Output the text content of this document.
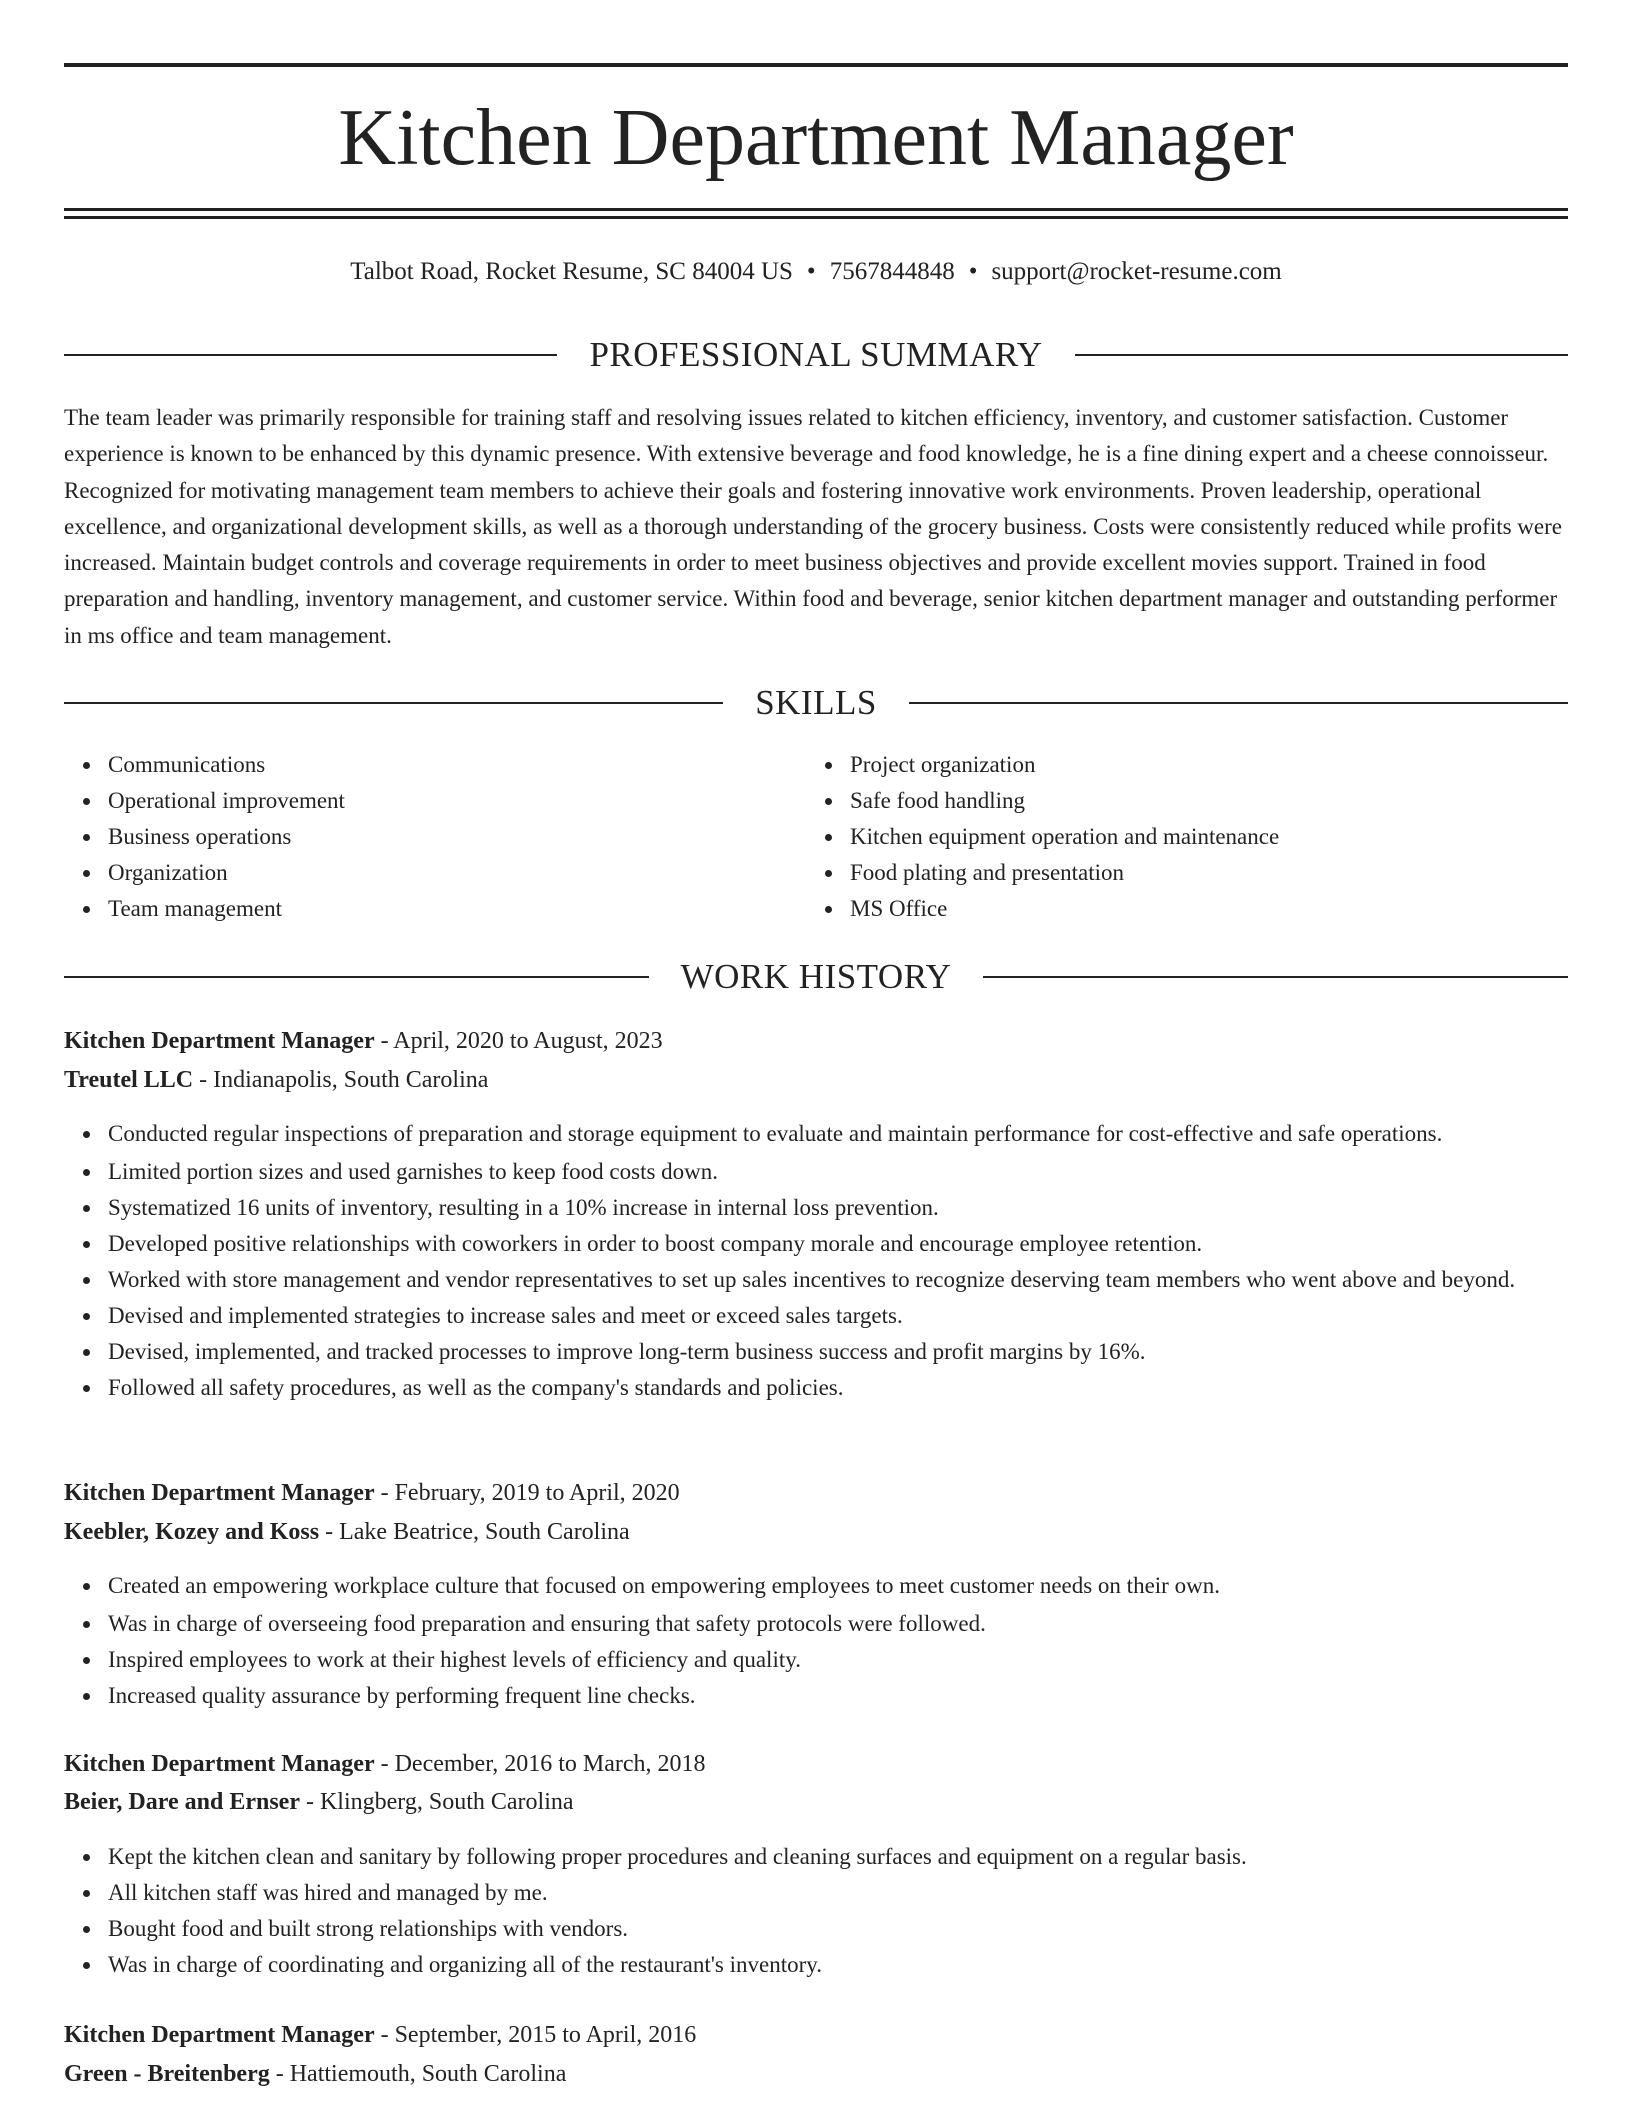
Kitchen Department Manager
Talbot Road, Rocket Resume, SC 84004 US • 7567844848 • support@rocket-resume.com
PROFESSIONAL SUMMARY

The team leader was primarily responsible for training staff and resolving issues related to kitchen efficiency, inventory, and customer satisfaction. Customer experience is known to be enhanced by this dynamic presence. With extensive beverage and food knowledge, he is a fine dining expert and a cheese connoisseur. Recognized for motivating management team members to achieve their goals and fostering innovative work environments. Proven leadership, operational excellence, and organizational development skills, as well as a thorough understanding of the grocery business. Costs were consistently reduced while profits were increased. Maintain budget controls and coverage requirements in order to meet business objectives and provide excellent movies support. Trained in food preparation and handling, inventory management, and customer service. Within food and beverage, senior kitchen department manager and outstanding performer in ms office and team management.

SKILLS
Communications
Operational improvement
Business operations
Organization
Team management
Project organization
Safe food handling
Kitchen equipment operation and maintenance
Food plating and presentation
MS Office
WORK HISTORY
Kitchen Department Manager - April, 2020 to August, 2023
Treutel LLC - Indianapolis, South Carolina
Conducted regular inspections of preparation and storage equipment to evaluate and maintain performance for cost-effective and safe operations.
Limited portion sizes and used garnishes to keep food costs down.
Systematized 16 units of inventory, resulting in a 10% increase in internal loss prevention.
Developed positive relationships with coworkers in order to boost company morale and encourage employee retention.
Worked with store management and vendor representatives to set up sales incentives to recognize deserving team members who went above and beyond.
Devised and implemented strategies to increase sales and meet or exceed sales targets.
Devised, implemented, and tracked processes to improve long-term business success and profit margins by 16%.
Followed all safety procedures, as well as the company's standards and policies.
Kitchen Department Manager - February, 2019 to April, 2020
Keebler, Kozey and Koss - Lake Beatrice, South Carolina
Created an empowering workplace culture that focused on empowering employees to meet customer needs on their own.
Was in charge of overseeing food preparation and ensuring that safety protocols were followed.
Inspired employees to work at their highest levels of efficiency and quality.
Increased quality assurance by performing frequent line checks.
Kitchen Department Manager - December, 2016 to March, 2018
Beier, Dare and Ernser - Klingberg, South Carolina
Kept the kitchen clean and sanitary by following proper procedures and cleaning surfaces and equipment on a regular basis.
All kitchen staff was hired and managed by me.
Bought food and built strong relationships with vendors.
Was in charge of coordinating and organizing all of the restaurant's inventory.
Kitchen Department Manager - September, 2015 to April, 2016
Green - Breitenberg - Hattiemouth, South Carolina
